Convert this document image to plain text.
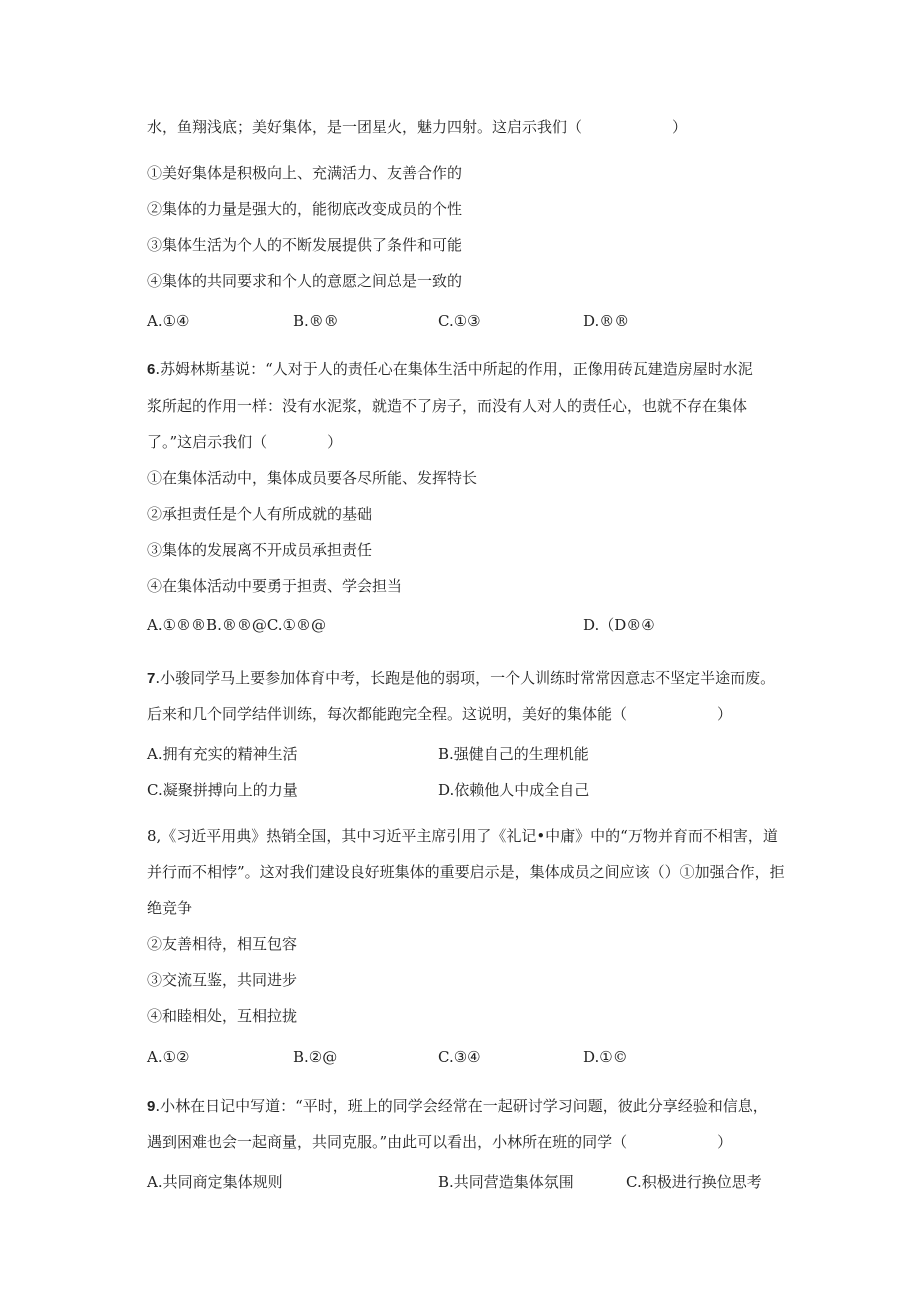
水，鱼翔浅底；美好集体，是一团星火，魅力四射。这启示我们（　　　　　　）
①美好集体是积极向上、充满活力、友善合作的
②集体的力量是强大的，能彻底改变成员的个性
③集体生活为个人的不断发展提供了条件和可能
④集体的共同要求和个人的意愿之间总是一致的
A.①④	B.®®	C.①③	D.®®
6.苏姆林斯基说：“人对于人的责任心在集体生活中所起的作用，正像用砖瓦建造房屋时水泥
浆所起的作用一样：没有水泥浆，就造不了房子，而没有人对人的责任心，也就不存在集体
了。”这启示我们（　　　　）
①在集体活动中，集体成员要各尽所能、发挥特长
②承担责任是个人有所成就的基础
③集体的发展离不开成员承担责任
④在集体活动中要勇于担责、学会担当
A.①®®B.®®@C.①®@	D.（D®④
7.小骏同学马上要参加体育中考，长跑是他的弱项，一个人训练时常常因意志不坚定半途而废。
后来和几个同学结伴训练，每次都能跑完全程。这说明，美好的集体能（　　　　　　）
A.拥有充实的精神生活	B.强健自己的生理机能
C.凝聚拼搏向上的力量	D.依赖他人中成全自己
8,《习近平用典》热销全国，其中习近平主席引用了《礼记•中庸》中的“万物并育而不相害，道
并行而不相悖”。这对我们建设良好班集体的重要启示是，集体成员之间应该（）①加强合作，拒
绝竞争
②友善相待，相互包容
③交流互鉴，共同进步
④和睦相处，互相拉拢
A.①②	B.②@	C.③④	D.①©
9.小林在日记中写道：“平时，班上的同学会经常在一起研讨学习问题，彼此分享经验和信息，
遇到困难也会一起商量，共同克服。”由此可以看出，小林所在班的同学（　　　　　　）
A.共同商定集体规则	B.共同营造集体氛围	C.积极进行换位思考
